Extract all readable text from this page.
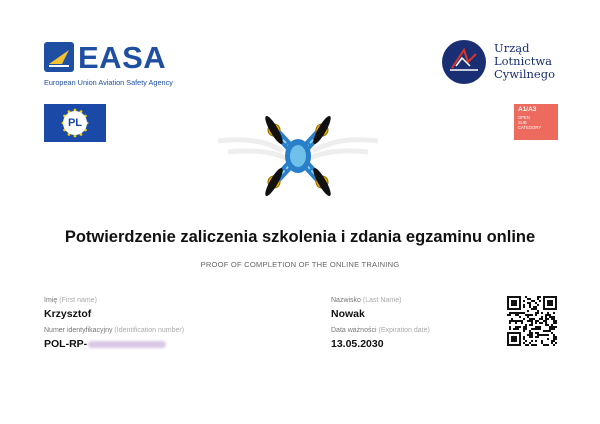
EASA
European Union Aviation Safety Agency
PL
Urząd
Lotnictwa
Cywilnego
A1/A3
OPEN
SUB
CATEGORY
Potwierdzenie zaliczenia szkolenia i zdania egzaminu online
PROOF OF COMPLETION OF THE ONLINE TRAINING
Imię (First name)
Krzysztof
Numer identyfikacyjny (Identification number)
POL-RP-
Nazwisko (Last Name)
Nowak
Data ważności (Expiration date)
13.05.2030
